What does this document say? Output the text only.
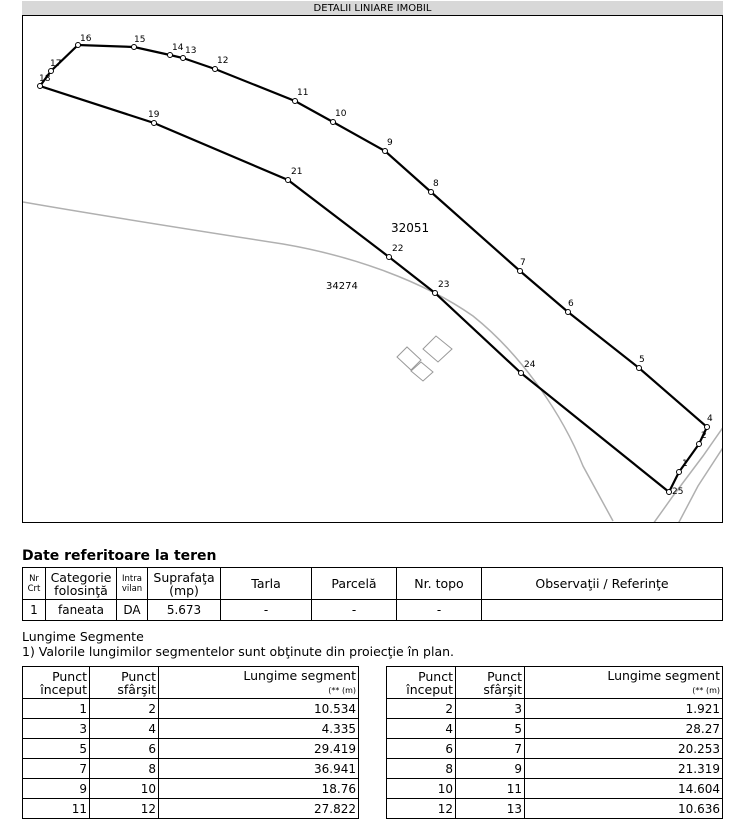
DETALII LINIARE IMOBIL
1
2
4
5
6
7
8
9
10
11
12
13
14
15
16
17
18
19
21
22
23
24
25
32051
34274
Date referitoare la teren
Nr Crt	Categorie folosinţă	Intra vilan	Suprafaţa (mp)	Tarla	Parcelă	Nr. topo	Observaţii / Referinţe
1	faneata	DA	5.673	-	-	-	
Lungime Segmente
1) Valorile lungimilor segmentelor sunt obţinute din proiecţie în plan.
Punct început	Punct sfârşit	Lungime segment
(** (m)
1	2	10.534
3	4	4.335
5	6	29.419
7	8	36.941
9	10	18.76
11	12	27.822
Punct început	Punct sfârşit	Lungime segment
(** (m)
2	3	1.921
4	5	28.27
6	7	20.253
8	9	21.319
10	11	14.604
12	13	10.636
